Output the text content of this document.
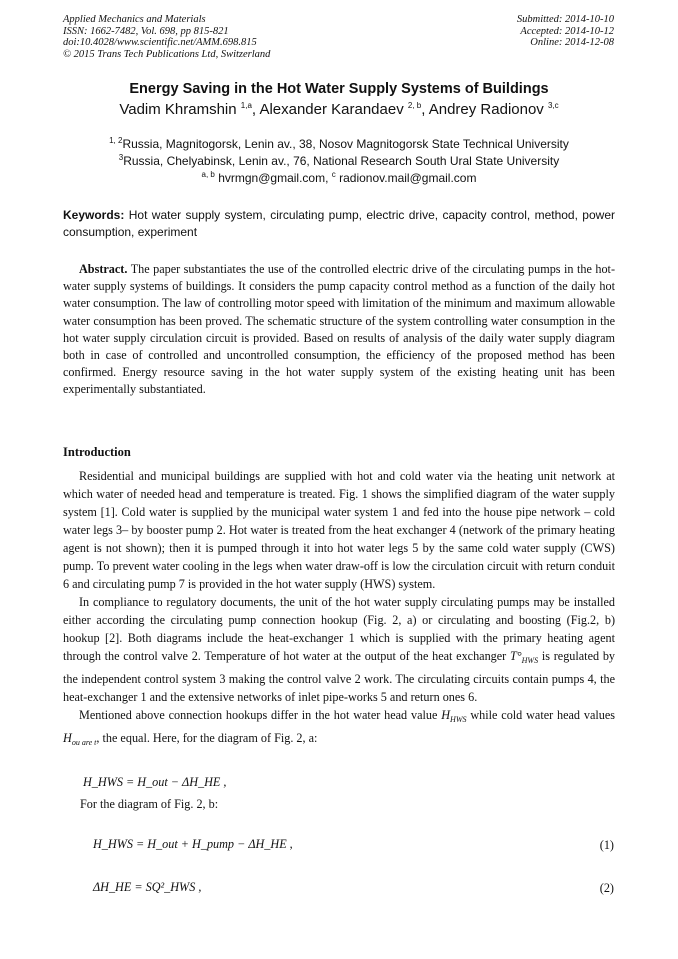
Applied Mechanics and Materials
ISSN: 1662-7482, Vol. 698, pp 815-821
doi:10.4028/www.scientific.net/AMM.698.815
© 2015 Trans Tech Publications Ltd, Switzerland
Submitted: 2014-10-10
Accepted: 2014-10-12
Online: 2014-12-08
Energy Saving in the Hot Water Supply Systems of Buildings
Vadim Khramshin $^{1,a}$, Alexander Karandaev $^{2, b}$, Andrey Radionov $^{3,c}$
$^{1, 2}$Russia, Magnitogorsk, Lenin av., 38, Nosov Magnitogorsk State Technical University
$^3$Russia, Chelyabinsk, Lenin av., 76, National Research South Ural State University
$^{a, b}$ hvrmgn@gmail.com, $^c$ radionov.mail@gmail.com
Keywords: Hot water supply system, circulating pump, electric drive, capacity control, method, power consumption, experiment
Abstract. The paper substantiates the use of the controlled electric drive of the circulating pumps in the hot-water supply systems of buildings. It considers the pump capacity control method as a function of the daily hot water consumption. The law of controlling motor speed with limitation of the minimum and maximum allowable water consumption has been proved. The schematic structure of the system controlling water consumption in the hot water supply circulation circuit is provided. Based on results of analysis of the daily water supply diagram both in case of controlled and uncontrolled consumption, the efficiency of the proposed method has been confirmed. Energy resource saving in the hot water supply system of the existing heating unit has been experimentally substantiated.
Introduction

Residential and municipal buildings are supplied with hot and cold water via the heating unit network at which water of needed head and temperature is treated. Fig. 1 shows the simplified diagram of the water supply system [1]. Cold water is supplied by the municipal water system 1 and fed into the house pipe network – cold water legs 3– by booster pump 2. Hot water is treated from the heat exchanger 4 (network of the primary heating agent is not shown); then it is pumped through it into hot water legs 5 by the same cold water supply (CWS) pump. To prevent water cooling in the legs when water draw-off is low the circulation circuit with return conduit 6 and circulating pump 7 is provided in the hot water supply (HWS) system.

In compliance to regulatory documents, the unit of the hot water supply circulating pumps may be installed either according the circulating pump connection hookup (Fig. 2, a) or circulating and boosting (Fig.2, b) hookup [2]. Both diagrams include the heat-exchanger 1 which is supplied with the primary heating agent through the control valve 2. Temperature of hot water at the output of the heat exchanger $T^\circ_{HWS}$ is regulated by the independent control system 3 making the control valve 2 work. The circulating circuits contain pumps 4, the heat-exchanger 1 and the extensive networks of inlet pipe-works 5 and return ones 6.

Mentioned above connection hookups differ in the hot water head value $H_{HWS}$ while cold water head values $H_{ou are t}$, the equal. Here, for the diagram of Fig. 2, a:

H_HWS = H_out − ΔH_HE ,
For the diagram of Fig. 2, b:
H_HWS = H_out + H_pump − ΔH_HE ,	(1)
ΔH_HE = SQ²_HWS ,	(2)
